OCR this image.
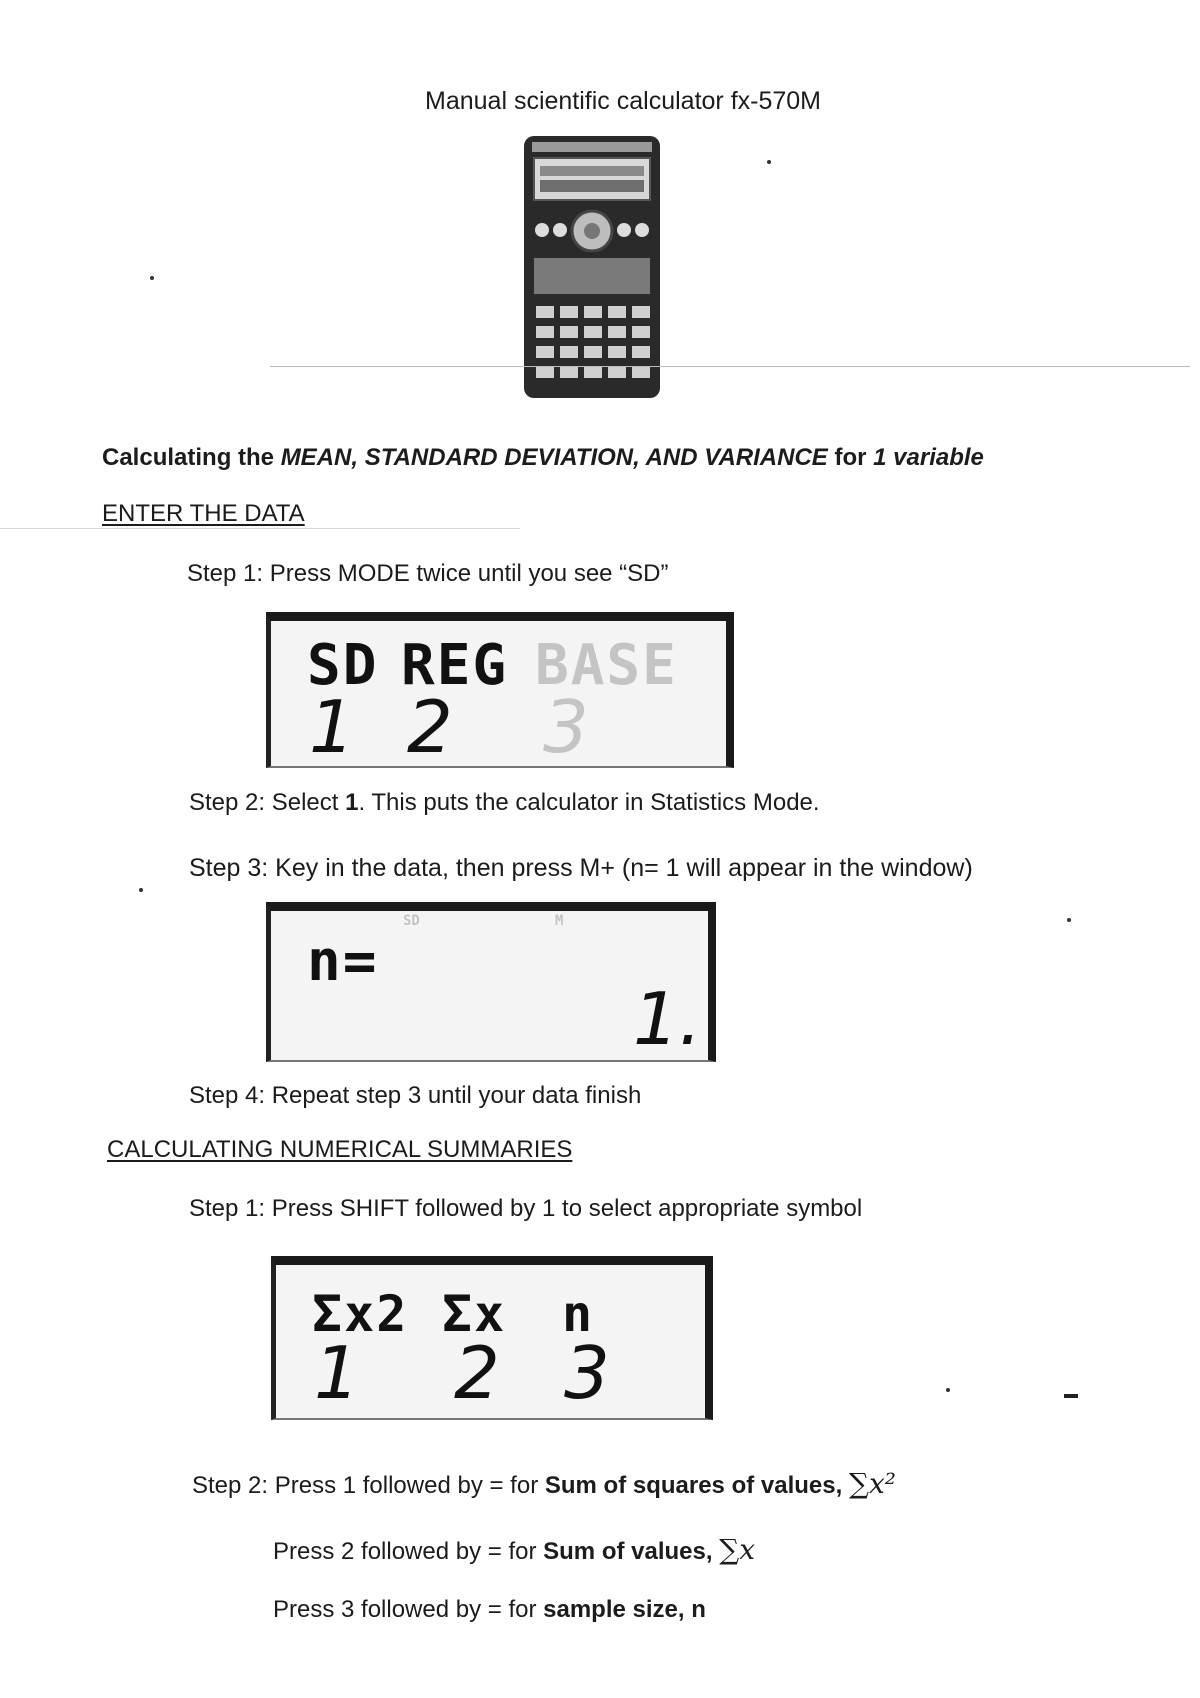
Manual scientific calculator fx-570M
Calculating the MEAN, STANDARD DEVIATION, AND VARIANCE for 1 variable
ENTER THE DATA
Step 1: Press MODE twice until you see “SD”
SD REG BASE
1 2 3
Step 2: Select 1. This puts the calculator in Statistics Mode.
Step 3: Key in the data, then press M+ (n= 1 will appear in the window)
SD	M
n=
1.
Step 4: Repeat step 3 until your data finish
CALCULATING NUMERICAL SUMMARIES
Step 1: Press SHIFT followed by 1 to select appropriate symbol
Σx2 Σx n
1 2 3
Step 2: Press 1 followed by = for Sum of squares of values, ∑x²
Press 2 followed by = for Sum of values, ∑x
Press 3 followed by = for sample size, n
